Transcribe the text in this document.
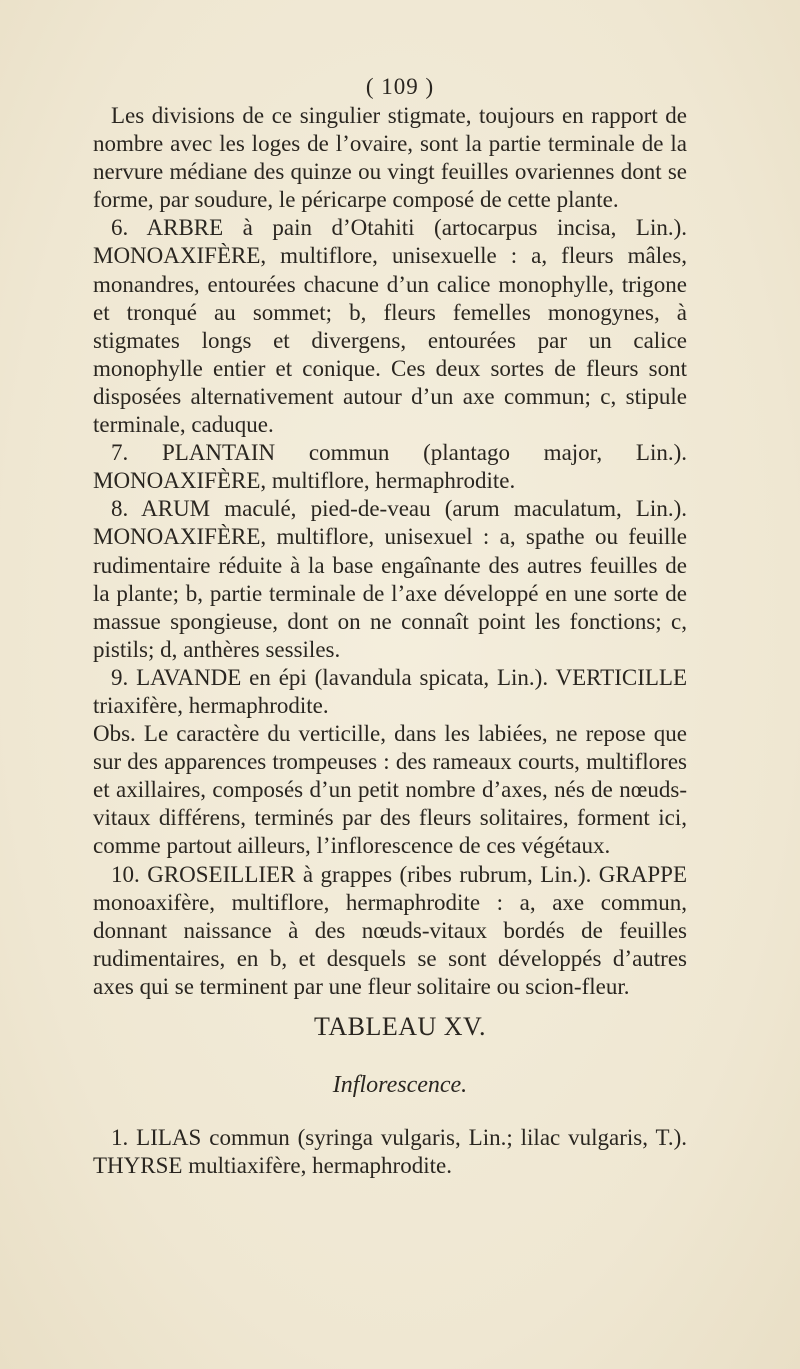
( 109 )

Les divisions de ce singulier stigmate, toujours en rapport de nombre avec les loges de l’ovaire, sont la partie terminale de la nervure médiane des quinze ou vingt feuilles ovariennes dont se forme, par soudure, le péricarpe composé de cette plante.

6. ARBRE à pain d’Otahiti (artocarpus incisa, Lin.). MONOAXIFÈRE, multiflore, unisexuelle : a, fleurs mâles, monandres, entourées chacune d’un calice monophylle, trigone et tronqué au sommet; b, fleurs femelles monogynes, à stigmates longs et divergens, entourées par un calice monophylle entier et conique. Ces deux sortes de fleurs sont disposées alternativement autour d’un axe commun; c, stipule terminale, caduque.

7. PLANTAIN commun (plantago major, Lin.). MONOAXIFÈRE, multiflore, hermaphrodite.

8. ARUM maculé, pied-de-veau (arum maculatum, Lin.). MONOAXIFÈRE, multiflore, unisexuel : a, spathe ou feuille rudimentaire réduite à la base engaînante des autres feuilles de la plante; b, partie terminale de l’axe développé en une sorte de massue spongieuse, dont on ne connaît point les fonctions; c, pistils; d, anthères sessiles.

9. LAVANDE en épi (lavandula spicata, Lin.). VERTICILLE triaxifère, hermaphrodite.

Obs. Le caractère du verticille, dans les labiées, ne repose que sur des apparences trompeuses : des rameaux courts, multiflores et axillaires, composés d’un petit nombre d’axes, nés de nœuds-vitaux différens, terminés par des fleurs solitaires, forment ici, comme partout ailleurs, l’inflorescence de ces végétaux.

10. GROSEILLIER à grappes (ribes rubrum, Lin.). GRAPPE monoaxifère, multiflore, hermaphrodite : a, axe commun, donnant naissance à des nœuds-vitaux bordés de feuilles rudimentaires, en b, et desquels se sont développés d’autres axes qui se terminent par une fleur solitaire ou scion-fleur.

TABLEAU XV.
Inflorescence.

1. LILAS commun (syringa vulgaris, Lin.; lilac vulgaris, T.). THYRSE multiaxifère, hermaphrodite.
